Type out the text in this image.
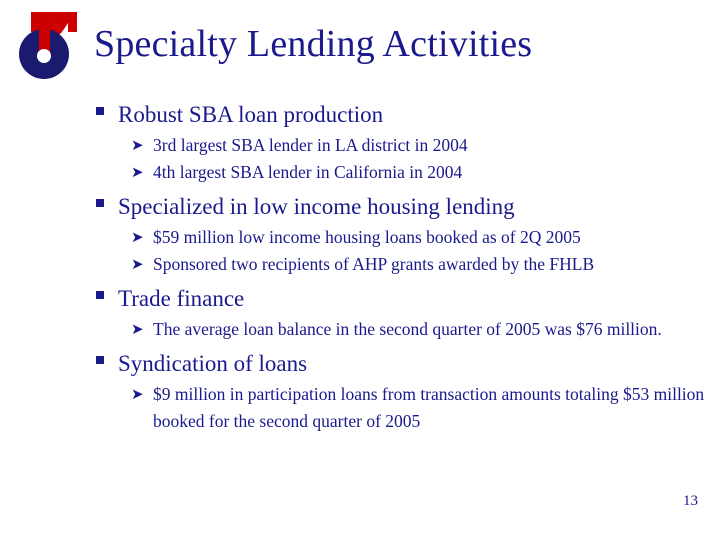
Specialty Lending Activities
Robust SBA loan production
➤ 3rd largest SBA lender in LA district in 2004
➤ 4th largest SBA lender in California in 2004
Specialized in low income housing lending
➤ $59 million low income housing loans booked as of 2Q 2005
➤ Sponsored two recipients of AHP grants awarded by the FHLB
Trade finance
➤ The average loan balance in the second quarter of 2005 was $76 million.
Syndication of loans
➤ $9 million in participation loans from transaction amounts totaling $53 million booked for the second quarter of 2005
13
